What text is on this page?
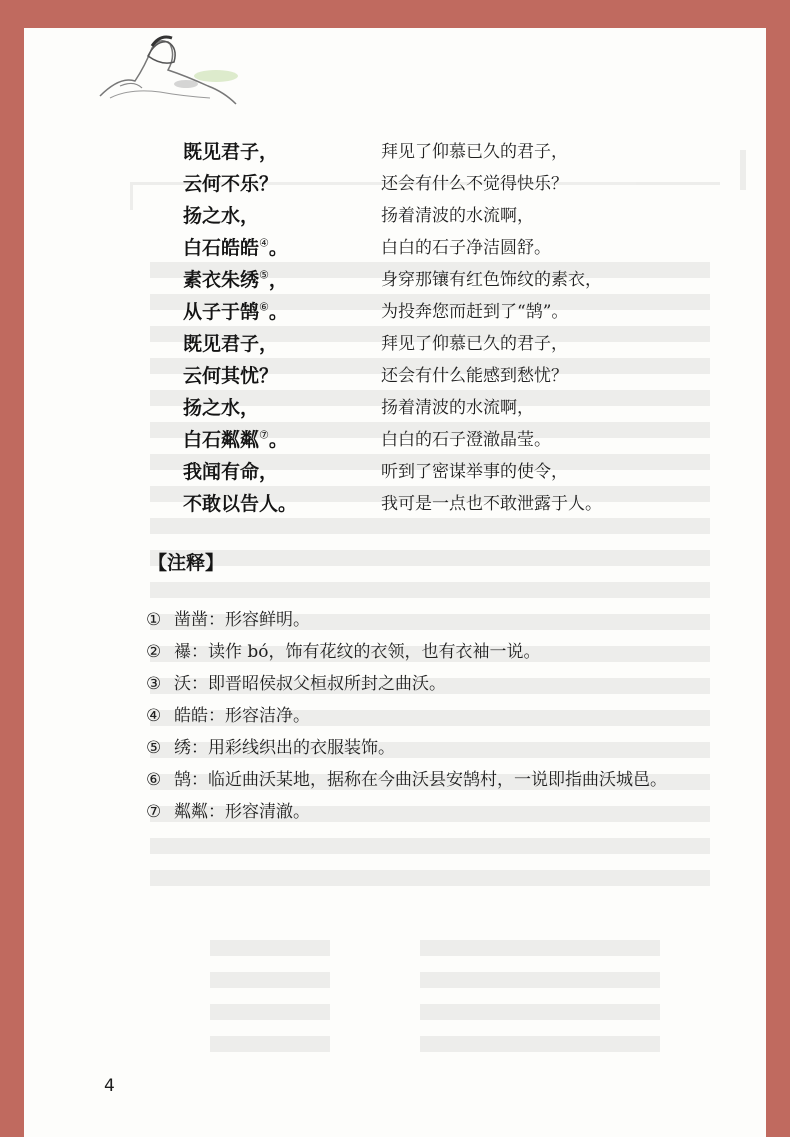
既见君子，	拜见了仰慕已久的君子，
云何不乐？	还会有什么不觉得快乐？
扬之水，	扬着清波的水流啊，
白石皓皓④。	白白的石子净洁圆舒。
素衣朱绣⑤，	身穿那镶有红色饰纹的素衣，
从子于鹄⑥。	为投奔您而赶到了“鹄”。
既见君子，	拜见了仰慕已久的君子，
云何其忧？	还会有什么能感到愁忧？
扬之水，	扬着清波的水流啊，
白石粼粼⑦。	白白的石子澄澈晶莹。
我闻有命，	听到了密谋举事的使令，
不敢以告人。	我可是一点也不敢泄露于人。
【注释】
① 凿凿：形容鲜明。
② 襮：读作 bó，饰有花纹的衣领，也有衣袖一说。
③ 沃：即晋昭侯叔父桓叔所封之曲沃。
④ 皓皓：形容洁净。
⑤ 绣：用彩线织出的衣服装饰。
⑥ 鹄：临近曲沃某地，据称在今曲沃县安鹄村，一说即指曲沃城邑。
⑦ 粼粼：形容清澈。
4
